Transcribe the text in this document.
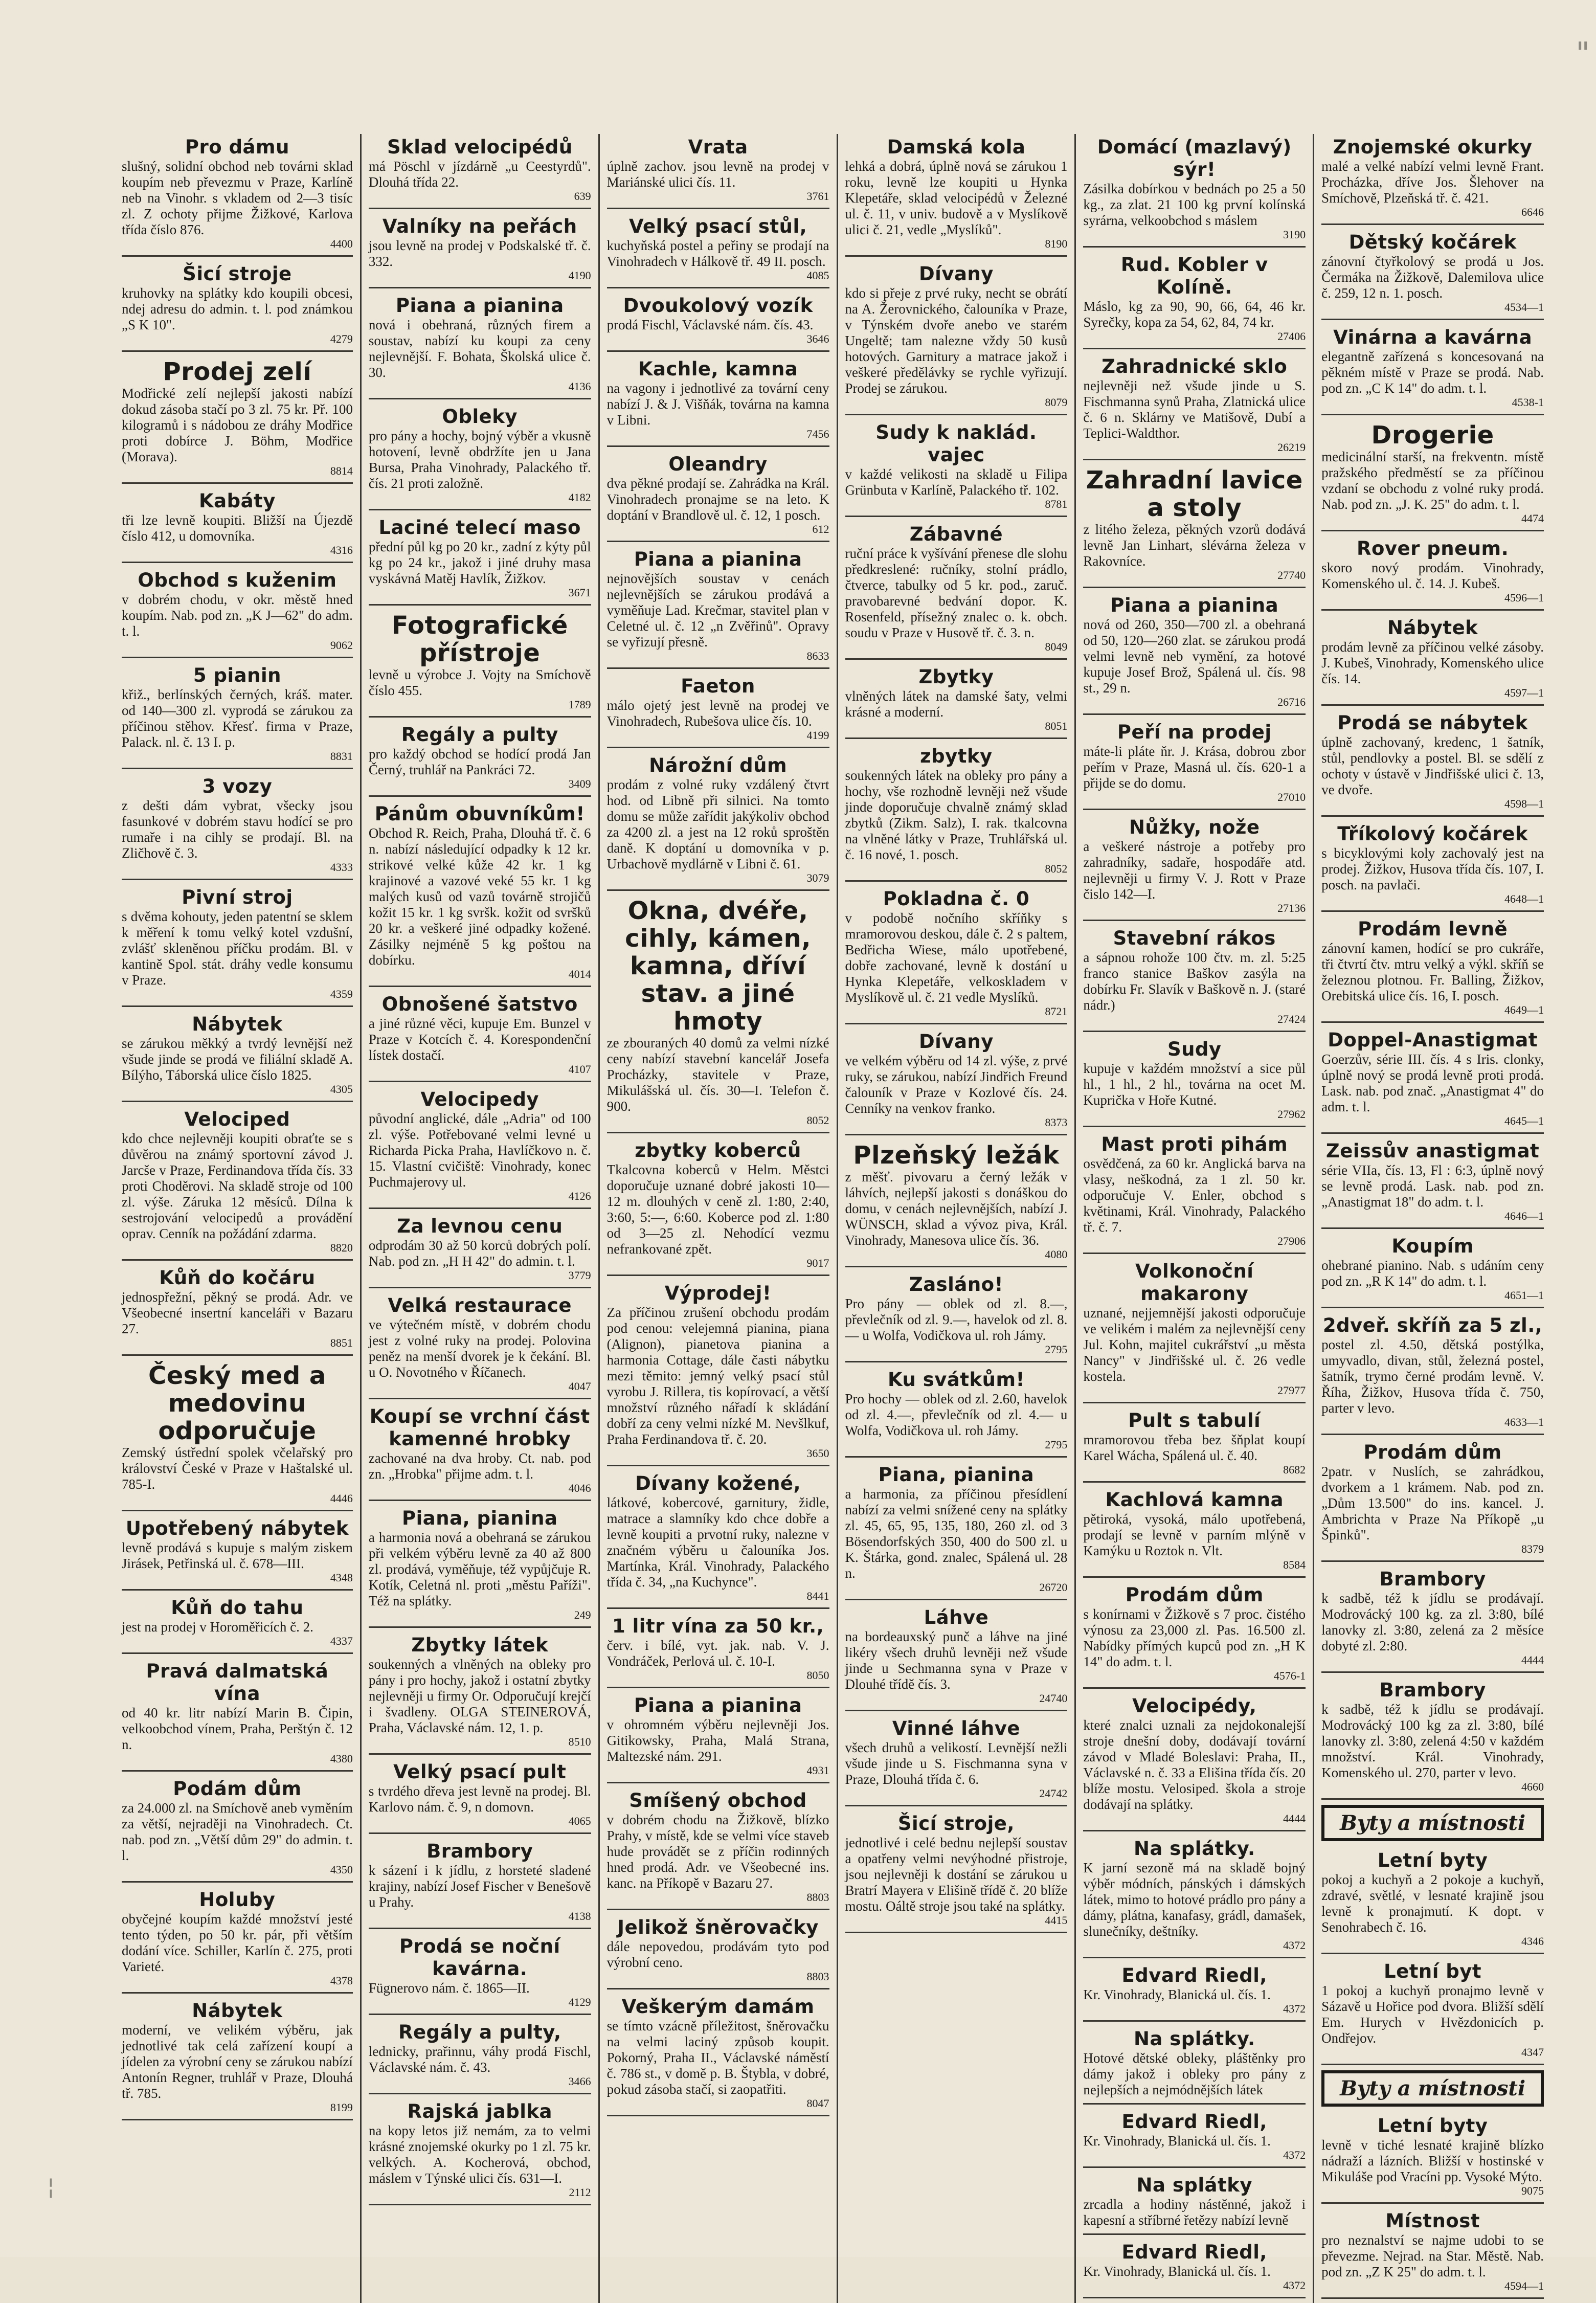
"
¦
Pro dámu
slušný, solidní obchod neb továrni sklad koupím neb převezmu v Praze, Karlíně neb na Vinohr. s vkladem od 2—3 tisíc zl. Z ochoty přijme Žižkové, Karlova třída číslo 876.
4400
Šicí stroje
kruhovky na splátky kdo koupili obcesi, ndej adresu do admin. t. l. pod známkou „S K 10".
4279
Prodej zelí
Modřické zelí nejlepší jakosti nabízí dokud zásoba stačí po 3 zl. 75 kr. Př. 100 kilogramů i s nádobou ze dráhy Modřice proti dobírce J. Böhm, Modřice (Morava).
8814
Kabáty
tři lze levně koupiti. Bližší na Újezdě číslo 412, u domovníka.
4316
Obchod s kuženim
v dobrém chodu, v okr. městě hned koupím. Nab. pod zn. „K J—62" do adm. t. l.
9062
5 pianin
křiž., berlínských černých, kráš. mater. od 140—300 zl. vyprodá se zárukou za příčinou stěhov. Křesť. firma v Praze, Palack. nl. č. 13 I. p.
8831
3 vozy
z dešti dám vybrat, všecky jsou fasunkové v dobrém stavu hodící se pro rumaře i na cihly se prodají. Bl. na Zličhově č. 3.
4333
Pivní stroj
s dvěma kohouty, jeden patentní se sklem k měření k tomu velký kotel vzdušní, zvlášť skleněnou příčku prodám. Bl. v kantině Spol. stát. dráhy vedle konsumu v Praze.
4359
Nábytek
se zárukou měkký a tvrdý levnější než všude jinde se prodá ve filiální skladě A. Bílýho, Táborská ulice číslo 1825.
4305
Velociped
kdo chce nejlevněji koupiti obraťte se s důvěrou na známý sportovní závod J. Jarcše v Praze, Ferdinandova třída čís. 33 proti Choděrovi. Na skladě stroje od 100 zl. výše. Záruka 12 měsíců. Dílna k sestrojování velocipedů a provádění oprav. Cenník na požádání zdarma.
8820
Kůň do kočáru
jednospřežní, pěkný se prodá. Adr. ve Všeobecné insertní kanceláři v Bazaru 27.
8851
Český med a medovinu odporučuje
Zemský ústřední spolek včelařský pro království České v Praze v Haštalské ul. 785-I.
4446
Upotřebený nábytek
levně prodává s kupuje s malým ziskem Jirásek, Petřinská ul. č. 678—III.
4348
Kůň do tahu
jest na prodej v Horoměřicích č. 2.
4337
Pravá dalmatská vína
od 40 kr. litr nabízí Marin B. Čipin, velkoobchod vínem, Praha, Perštýn č. 12 n.
4380
Podám dům
za 24.000 zl. na Smíchově aneb vyměním za větší, nejraději na Vinohradech. Ct. nab. pod zn. „Větší dům 29" do admin. t. l.
4350
Holuby
obyčejné koupím každé množství jesté tento týden, po 50 kr. pár, při větším dodání více. Schiller, Karlín č. 275, proti Varieté.
4378
Nábytek
moderní, ve velikém výběru, jak jednotlivé tak celá zařízení koupí a jídelen za výrobní ceny se zárukou nabízí Antonín Regner, truhlář v Praze, Dlouhá tř. 785.
8199
Sklad velocipédů
má Pöschl v jízdárně „u Ceestyrdů". Dlouhá třída 22.
639
Valníky na peřách
jsou levně na prodej v Podskalské tř. č. 332.
4190
Piana a pianina
nová i obehraná, různých firem a soustav, nabízí ku koupi za ceny nejlevnější. F. Bohata, Školská ulice č. 30.
4136
Obleky
pro pány a hochy, bojný výběr a vkusně hotovení, levně obdržíte jen u Jana Bursa, Praha Vinohrady, Palackého tř. čís. 21 proti založně.
4182
Laciné telecí maso
přední půl kg po 20 kr., zadní z kýty půl kg po 24 kr., jakož i jiné druhy masa vyskávná Matěj Havlík, Žižkov.
3671
Fotografické přístroje
levně u výrobce J. Vojty na Smíchově číslo 455.
1789
Regály a pulty
pro každý obchod se hodící prodá Jan Černý, truhlář na Pankráci 72.
3409
Pánům obuvníkům!
Obchod R. Reich, Praha, Dlouhá tř. č. 6 n. nabízí následující odpadky k 12 kr. strikové velké kůže 42 kr. 1 kg krajinové a vazové veké 55 kr. 1 kg malých kusů od vazů továrně strojičů kožit 15 kr. 1 kg svršk. kožit od svršků 20 kr. a veškeré jiné odpadky kožené. Zásilky nejméně 5 kg poštou na dobírku.
4014
Obnošené šatstvo
a jiné různé věci, kupuje Em. Bunzel v Praze v Kotcích č. 4. Korespondenční lístek dostačí.
4107
Velocipedy
původní anglické, dále „Adria" od 100 zl. výše. Potřebované velmi levné u Richarda Picka Praha, Havlíčkovo n. č. 15. Vlastní cvičiště: Vinohrady, konec Puchmajerovy ul.
4126
Za levnou cenu
odprodám 30 až 50 korců dobrých polí. Nab. pod zn. „H H 42" do admin. t. l.
3779
Velká restaurace
ve výtečném místě, v dobrém chodu jest z volné ruky na prodej. Polovina peněz na menší dvorek je k čekání. Bl. u O. Novotného v Říčanech.
4047
Koupí se vrchní část kamenné hrobky
zachované na dva hroby. Ct. nab. pod zn. „Hrobka" přijme adm. t. l.
4046
Piana, pianina
a harmonia nová a obehraná se zárukou při velkém výběru levně za 40 až 800 zl. prodává, vyměňuje, též vypůjčuje R. Kotík, Celetná nl. proti „městu Paříži". Též na splátky.
249
Zbytky látek
soukenných a vlněných na obleky pro pány i pro hochy, jakož i ostatní zbytky nejlevněji u firmy Or. Odporučují krejčí i švadleny. OLGA STEINEROVÁ, Praha, Václavské nám. 12, 1. p.
8510
Velký psací pult
s tvrdého dřeva jest levně na prodej. Bl. Karlovo nám. č. 9, n domovn.
4065
Brambory
k sázení i k jídlu, z horsteté sladené krajiny, nabízí Josef Fischer v Benešově u Prahy.
4138
Prodá se noční kavárna.
Fügnerovo nám. č. 1865—II.
4129
Regály a pulty,
lednicky, prařinnu, váhy prodá Fischl, Václavské nám. č. 43.
3466
Rajská jablka
na kopy letos již nemám, za to velmi krásné znojemské okurky po 1 zl. 75 kr. velkých. A. Kocherová, obchod, máslem v Týnské ulici čís. 631—I.
2112
Vrata
úplně zachov. jsou levně na prodej v Mariánské ulici čís. 11.
3761
Velký psací stůl,
kuchyňská postel a peřiny se prodají na Vinohradech v Hálkově tř. 49 II. posch.
4085
Dvoukolový vozík
prodá Fischl, Václavské nám. čís. 43.
3646
Kachle, kamna
na vagony i jednotlivé za tovární ceny nabízí J. & J. Višňák, továrna na kamna v Libni.
7456
Oleandry
dva pěkné prodají se. Zahrádka na Král. Vinohradech pronajme se na leto. K doptání v Brandlově ul. č. 12, 1 posch.
612
Piana a pianina
nejnovějších soustav v cenách nejlevnějších se zárukou prodává a vyměňuje Lad. Krečmar, stavitel plan v Celetné ul. č. 12 „n Zvěřinů". Opravy se vyřizují přesně.
8633
Faeton
málo ojetý jest levně na prodej ve Vinohradech, Rubešova ulice čís. 10.
4199
Nárožní dům
prodám z volné ruky vzdálený čtvrt hod. od Libně při silnici. Na tomto domu se může zařídit jakýkoliv obchod za 4200 zl. a jest na 12 roků sproštěn daně. K doptání u domovníka v p. Urbachově mydlárně v Libni č. 61.
3079
Okna, dvéře, cihly, kámen, kamna, dříví stav. a jiné hmoty
ze zbouraných 40 domů za velmi nízké ceny nabízí stavební kancelář Josefa Procházky, stavitele v Praze, Mikulášská ul. čís. 30—I. Telefon č. 900.
8052
zbytky koberců
Tkalcovna koberců v Helm. Městci doporučuje uznané dobré jakosti 10—12 m. dlouhých v ceně zl. 1:80, 2:40, 3:60, 5:—, 6:60. Koberce pod zl. 1:80 od 3—25 zl. Nehodící vezmu nefrankované zpět.
9017
Výprodej!
Za příčinou zrušení obchodu prodám pod cenou: velejemná pianina, piana (Alignon), pianetova pianina a harmonia Cottage, dále časti nábytku mezi těmito: jemný velký psací stůl vyrobu J. Rillera, tis kopírovací, a větší množství různého nářadí k skládání dobří za ceny velmi nízké M. Nevšlkuf, Praha Ferdinandova tř. č. 20.
3650
Dívany kožené,
látkové, kobercové, garnitury, židle, matrace a slamníky kdo chce dobře a levně koupiti a prvotní ruky, nalezne v značném výběru u čalouníka Jos. Martínka, Král. Vinohrady, Palackého třída č. 34, „na Kuchynce".
8441
1 litr vína za 50 kr.,
červ. i bílé, vyt. jak. nab. V. J. Vondráček, Perlová ul. č. 10-I.
8050
Piana a pianina
v ohromném výběru nejlevněji Jos. Gitikowsky, Praha, Malá Strana, Maltezské nám. 291.
4931
Smíšený obchod
v dobrém chodu na Žižkově, blízko Prahy, v místě, kde se velmi více staveb hude provádět se z příčin rodinných hned prodá. Adr. ve Všeobecné ins. kanc. na Příkopě v Bazaru 27.
8803
Jelikož šněrovačky
dále nepovedou, prodávám tyto pod výrobní ceno.
8803
Veškerým damám
se tímto vzácně příležitost, šněrovačku na velmi laciný způsob koupit. Pokorný, Praha II., Václavské náměstí č. 786 st., v domě p. B. Štybla, v dobré, pokud zásoba stačí, si zaopatřiti.
8047
Damská kola
lehká a dobrá, úplně nová se zárukou 1 roku, levně lze koupiti u Hynka Klepetáře, sklad velocipédů v Železné ul. č. 11, v univ. budově a v Myslíkově ulici č. 21, vedle „Myslíků".
8190
Dívany
kdo si přeje z prvé ruky, necht se obrátí na A. Žerovnického, čalouníka v Praze, v Týnském dvoře anebo ve starém Ungeltě; tam nalezne vždy 50 kusů hotových. Garnitury a matrace jakož i veškeré předělávky se rychle vyřizují. Prodej se zárukou.
8079
Sudy k naklád. vajec
v každé velikosti na skladě u Filipa Grünbuta v Karlíně, Palackého tř. 102.
8781
Zábavné
ruční práce k vyšívání přenese dle slohu předkreslené: ručníky, stolní prádlo, čtverce, tabulky od 5 kr. pod., zaruč. pravobarevné bedvání dopor. K. Rosenfeld, přísežný znalec o. k. obch. soudu v Praze v Husově tř. č. 3. n.
8049
Zbytky
vlněných látek na damské šaty, velmi krásné a moderní.
8051
zbytky
soukenných látek na obleky pro pány a hochy, vše rozhodně levněji než všude jinde doporučuje chvalně známý sklad zbytků (Zikm. Salz), I. rak. tkalcovna na vlněné látky v Praze, Truhlářská ul. č. 16 nové, 1. posch.
8052
Pokladna č. 0
v podobě nočního skříňky s mramorovou deskou, dále č. 2 s paltem, Bedřicha Wiese, málo upotřebené, dobře zachované, levně k dostání u Hynka Klepetáře, velkoskladem v Myslíkově ul. č. 21 vedle Myslíků.
8721
Dívany
ve velkém výběru od 14 zl. výše, z prvé ruky, se zárukou, nabízí Jindřich Freund čalouník v Praze v Kozlové čís. 24. Cenníky na venkov franko.
8373
Plzeňský ležák
z měšť. pivovaru a černý ležák v láhvích, nejlepší jakosti s donáškou do domu, v cenách nejlevnějších, nabízí J. WÜNSCH, sklad a vývoz piva, Král. Vinohrady, Manesova ulice čís. 36.
4080
Zasláno!
Pro pány — oblek od zl. 8.—, převlečník od zl. 9.—, havelok od zl. 8.— u Wolfa, Vodičkova ul. roh Jámy.
2795
Ku svátkům!
Pro hochy — oblek od zl. 2.60, havelok od zl. 4.—, převlečník od zl. 4.— u Wolfa, Vodičkova ul. roh Jámy.
2795
Piana, pianina
a harmonia, za příčinou přesídlení nabízí za velmi snížené ceny na splátky zl. 45, 65, 95, 135, 180, 260 zl. od 3 Bösendorfských 350, 400 do 500 zl. u K. Štárka, gond. znalec, Spálená ul. 28 n.
26720
Láhve
na bordeauxský punč a láhve na jiné likéry všech druhů levněji než všude jinde u Sechmanna syna v Praze v Dlouhé třídě čís. 3.
24740
Vinné láhve
všech druhů a velikostí. Levnější nežli všude jinde u S. Fischmanna syna v Praze, Dlouhá třída č. 6.
24742
Šicí stroje,
jednotlivé i celé bednu nejlepší soustav a opatřeny velmi nevýhodné přistroje, jsou nejlevněji k dostání se zárukou u Bratrí Mayera v Elišině třídě č. 20 blíže mostu. Oáltě stroje jsou také na splátky.
4415
Domácí (mazlavý) sýr!
Zásilka dobírkou v bednách po 25 a 50 kg., za zlat. 21 100 kg první kolínská syrárna, velkoobchod s máslem
3190
Rud. Kobler v Kolíně.
Máslo, kg za 90, 90, 66, 64, 46 kr. Syrečky, kopa za 54, 62, 84, 74 kr.
27406
Zahradnické sklo
nejlevněji než všude jinde u S. Fischmanna synů Praha, Zlatnická ulice č. 6 n. Sklárny ve Matišově, Dubí a Teplici-Waldthor.
26219
Zahradní lavice a stoly
z litého železa, pěkných vzorů dodává levně Jan Linhart, slévárna železa v Rakovníce.
27740
Piana a pianina
nová od 260, 350—700 zl. a obehraná od 50, 120—260 zlat. se zárukou prodá velmi levně neb vymění, za hotové kupuje Josef Brož, Spálená ul. čís. 98 st., 29 n.
26716
Peří na prodej
máte-li pláte ňr. J. Krása, dobrou zbor peřím v Praze, Masná ul. čís. 620-1 a přijde se do domu.
27010
Nůžky, nože
a veškeré nástroje a potřeby pro zahradníky, sadaře, hospodáře atd. nejlevněji u firmy V. J. Rott v Praze čislo 142—I.
27136
Stavební rákos
a sápnou rohože 100 čtv. m. zl. 5:25 franco stanice Baškov zasýla na dobírku Fr. Slavík v Baškově n. J. (staré nádr.)
27424
Sudy
kupuje v každém množství a sice půl hl., 1 hl., 2 hl., továrna na ocet M. Kuprička v Hoře Kutné.
27962
Mast proti pihám
osvědčená, za 60 kr. Anglická barva na vlasy, neškodná, za 1 zl. 50 kr. odporučuje V. Enler, obchod s květinami, Král. Vinohrady, Palackého tř. č. 7.
27906
Volkonoční makarony
uznané, nejjemnější jakosti odporučuje ve velikém i malém za nejlevnější ceny Jul. Kohn, majitel cukrářství „u města Nancy" v Jindřišské ul. č. 26 vedle kostela.
27977
Pult s tabulí
mramorovou třeba bez šňplat koupí Karel Wácha, Spálená ul. č. 40.
8682
Kachlová kamna
pětiroká, vysoká, málo upotřebená, prodají se levně v parním mlýně v Kamýku u Roztok n. Vlt.
8584
Prodám dům
s konírnami v Žižkově s 7 proc. čistého výnosu za 23,000 zl. Pas. 16.500 zl. Nabídky přímých kupců pod zn. „H K 14" do adm. t. l.
4576-1
Velocipédy,
které znalci uznali za nejdokonalejší stroje dnešní doby, dodávají tovární závod v Mladé Boleslavi: Praha, II., Václavské n. č. 33 a Elišina třída čís. 20 blíže mostu. Velosiped. škola a stroje dodávají na splátky.
4444
Na splátky.
K jarní sezoně má na skladě bojný výběr módních, pánských i dámských látek, mimo to hotové prádlo pro pány a dámy, plátna, kanafasy, grádl, damašek, slunečníky, deštníky.
4372
Edvard Riedl,
Kr. Vinohrady, Blanická ul. čís. 1.
4372
Na splátky.
Hotové dětské obleky, pláštěnky pro dámy jakož i obleky pro pány z nejlepších a nejmódnějších látek
Edvard Riedl,
Kr. Vinohrady, Blanická ul. čís. 1.
4372
Na splátky
zrcadla a hodiny nástěnné, jakož i kapesní a stříbrné řetězy nabízí levně
Edvard Riedl,
Kr. Vinohrady, Blanická ul. čís. 1.
4372
Znojemské okurky
malé a velké nabízí velmi levně Frant. Procházka, dříve Jos. Šlehover na Smíchově, Plzeňská tř. č. 421.
6646
Dětský kočárek
zánovní čtyřkolový se prodá u Jos. Čermáka na Žižkově, Dalemilova ulice č. 259, 12 n. 1. posch.
4534—1
Vinárna a kavárna
elegantně zařízená s koncesovaná na pěkném místě v Praze se prodá. Nab. pod zn. „C K 14" do adm. t. l.
4538-1
Drogerie
medicinální starší, na frekventn. místě pražského předměstí se za příčinou vzdaní se obchodu z volné ruky prodá. Nab. pod zn. „J. K. 25" do adm. t. l.
4474
Rover pneum.
skoro nový prodám. Vinohrady, Komenského ul. č. 14. J. Kubeš.
4596—1
Nábytek
prodám levně za příčinou velké zásoby. J. Kubeš, Vinohrady, Komenského ulice čís. 14.
4597—1
Prodá se nábytek
úplně zachovaný, kredenc, 1 šatník, stůl, pendlovky a postel. Bl. se sdělí z ochoty v ústavě v Jindřišské ulici č. 13, ve dvoře.
4598—1
Tříkolový kočárek
s bicyklovými koly zachovalý jest na prodej. Žižkov, Husova třída čís. 107, I. posch. na pavlači.
4648—1
Prodám levně
zánovní kamen, hodící se pro cukráře, tři čtvrtí čtv. mtru velký a výkl. skříň se železnou plotnou. Fr. Balling, Žižkov, Orebitská ulice čís. 16, I. posch.
4649—1
Doppel-Anastigmat
Goerzův, série III. čís. 4 s Iris. clonky, úplně nový se prodá levně proti prodá. Lask. nab. pod znač. „Anastigmat 4" do adm. t. l.
4645—1
Zeissův anastigmat
série VIIa, čís. 13, Fl : 6:3, úplně nový se levně prodá. Lask. nab. pod zn. „Anastigmat 18" do adm. t. l.
4646—1
Koupím
ohebrané pianino. Nab. s udáním ceny pod zn. „R K 14" do adm. t. l.
4651—1
2dveř. skříň za 5 zl.,
postel zl. 4.50, dětská postýlka, umyvadlo, divan, stůl, železná postel, šatník, trymo černé prodám levně. V. Říha, Žižkov, Husova třída č. 750, parter v levo.
4633—1
Prodám dům
2patr. v Nuslích, se zahrádkou, dvorkem a 1 krámem. Nab. pod zn. „Dům 13.500" do ins. kancel. J. Ambrichta v Praze Na Příkopě „u Špinků".
8379
Brambory
k sadbě, též k jídlu se prodávají. Modrovácký 100 kg. za zl. 3:80, bílé lanovky zl. 3:80, zelená za 2 měsíce dobyté zl. 2:80.
4444
Brambory
k sadbě, též k jídlu se prodávají. Modrovácký 100 kg za zl. 3:80, bílé lanovky zl. 3:80, zelená 4:50 v každém množství. Král. Vinohrady, Komenského ul. 270, parter v levo.
4660
Byty a místnosti
Letní byty
pokoj a kuchyň a 2 pokoje a kuchyň, zdravé, světlé, v lesnaté krajině jsou levně k pronajmutí. K dopt. v Senohrabech č. 16.
4346
Letní byt
1 pokoj a kuchyň pronajmo levně v Sázavě u Hořice pod dvora. Bližší sdělí Em. Hurych v Hvězdonicích p. Ondřejov.
4347
Byty a místnosti
Letní byty
levně v tiché lesnaté krajině blízko nádraží a lázních. Bližší v hostinské v Mikuláše pod Vracíni pp. Vysoké Mýto.
9075
Místnost
pro neznalství se najme udobi to se převezme. Nejrad. na Star. Městě. Nab. pod zn. „Z K 25" do adm. t. l.
4594—1
